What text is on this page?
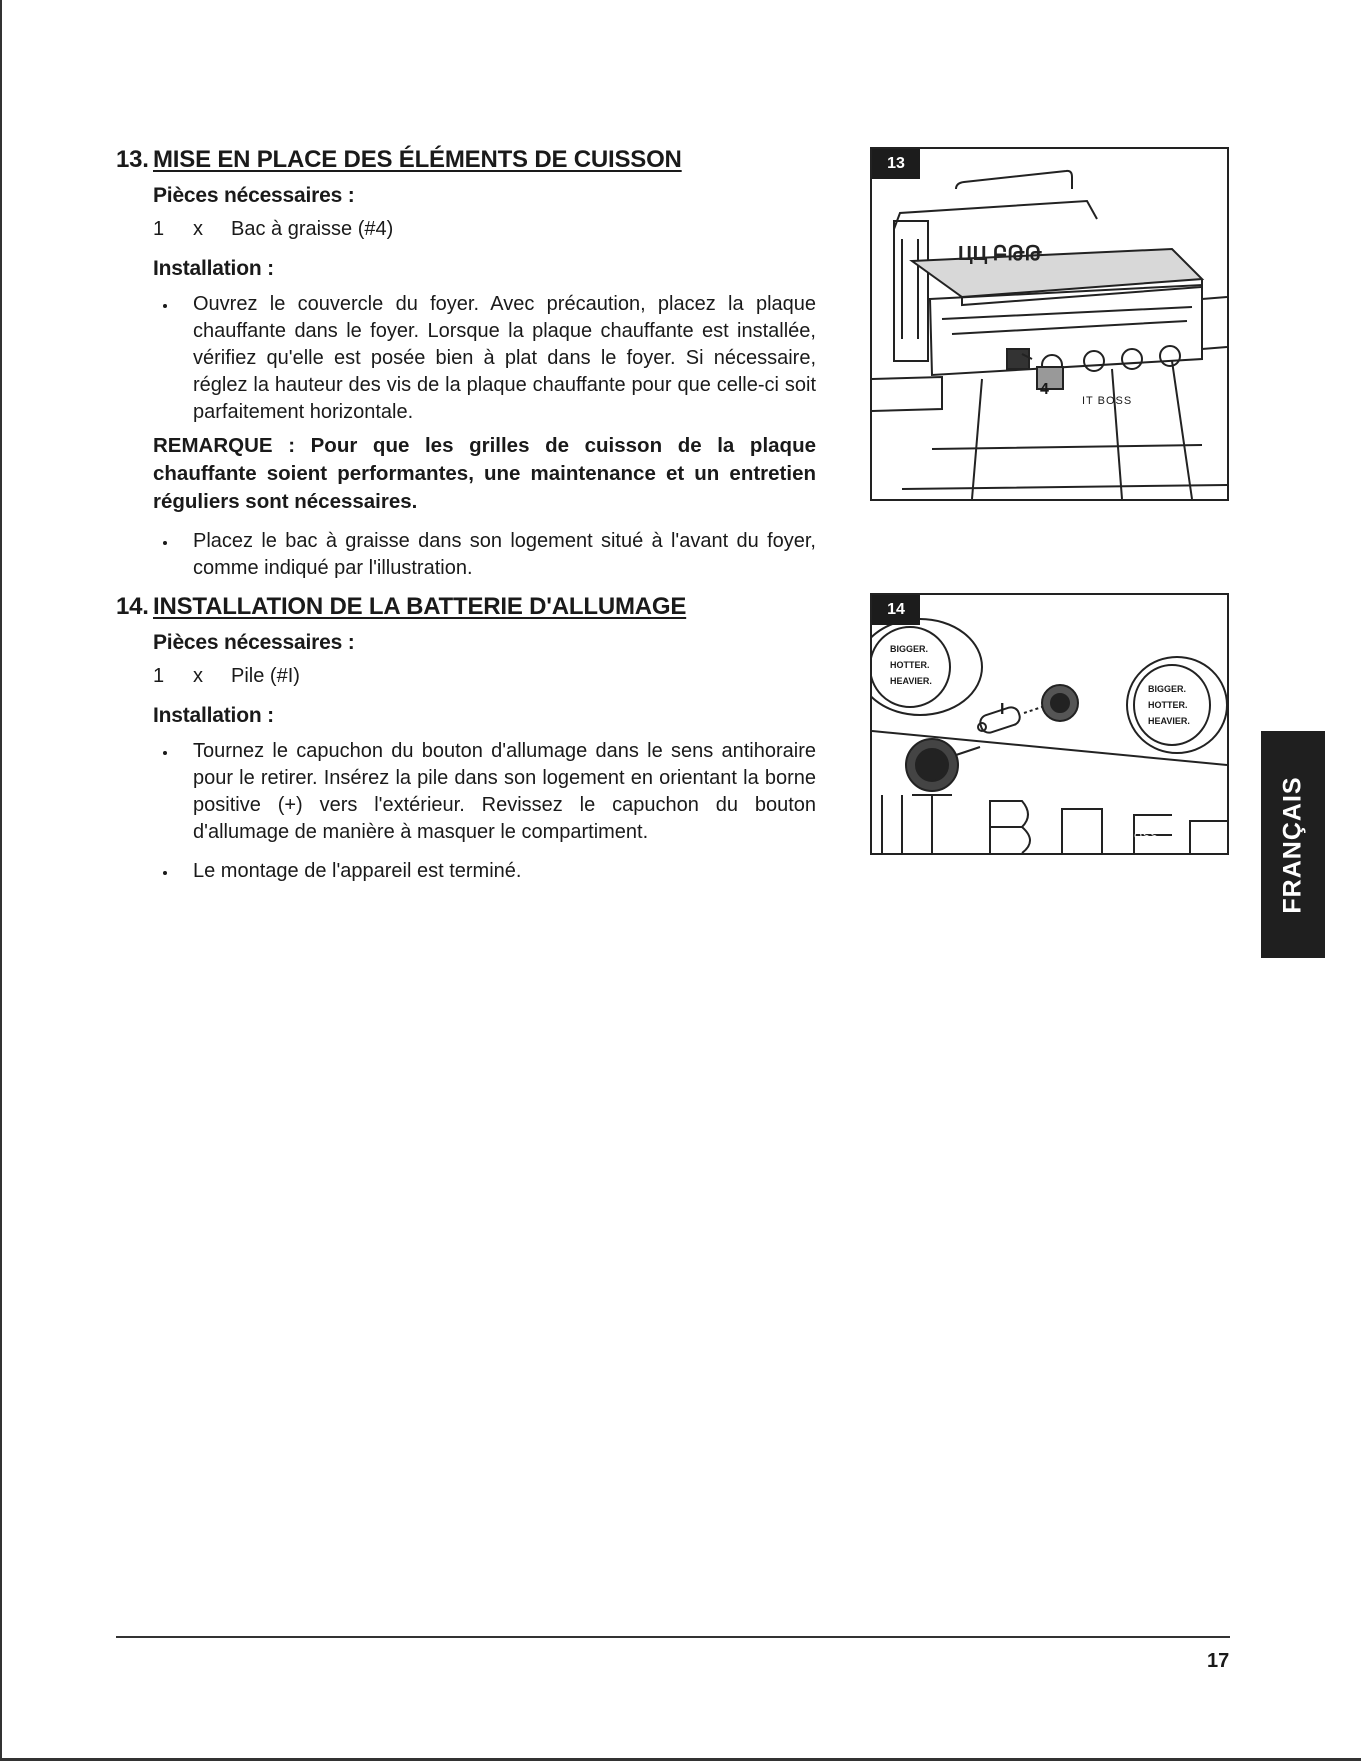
13. MISE EN PLACE DES ÉLÉMENTS DE CUISSON
Pièces nécessaires :
1	x	Bac à graisse (#4)
Installation :
Ouvrez le couvercle du foyer. Avec précaution, placez la plaque chauffante dans le foyer. Lorsque la plaque chauffante est installée, vérifiez qu'elle est posée bien à plat dans le foyer. Si nécessaire, réglez la hauteur des vis de la plaque chauffante pour que celle-ci soit parfaitement horizontale.
REMARQUE : Pour que les grilles de cuisson de la plaque chauffante soient performantes, une maintenance et un entretien réguliers sont nécessaires.
Placez le bac à graisse dans son logement situé à l'avant du foyer, comme indiqué par l'illustration.
14. INSTALLATION DE LA BATTERIE D'ALLUMAGE
Pièces nécessaires :
1	x	Pile (#I)
Installation :
Tournez le capuchon du bouton d'allumage dans le sens antihoraire pour le retirer. Insérez la pile dans son logement en orientant la borne positive (+) vers l'extérieur. Revissez le capuchon du bouton d'allumage de manière à masquer le compartiment.
Le montage de l'appareil est terminé.
13
ЦЦ ԲԹԹ
4
IT BOSS
14
BIGGER.
HOTTER.
HEAVIER.
BIGGER.
HOTTER.
HEAVIER.
I
IT BOSS	FRANÇAIS
17
